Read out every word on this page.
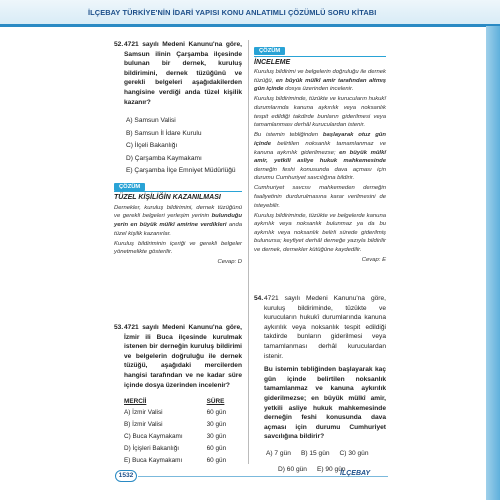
İLÇEBAY TÜRKİYE'NİN İDARİ YAPISI KONU ANLATIMLI ÇÖZÜMLÜ SORU KİTABI
52. 4721 sayılı Medeni Kanunu'na göre, Samsun ilinin Çarşamba ilçesinde bulunan bir dernek, kuruluş bildirimini, dernek tüzüğünü ve gerekli belgeleri aşağıdakilerden hangisine verdiği anda tüzel kişilik kazanır?
A) Samsun Valisi
B) Samsun İl İdare Kurulu
C) İlçeli Bakanlığı
D) Çarşamba Kaymakamı
E) Çarşamba İlçe Emniyet Müdürlüğü
ÇÖZÜM
TÜZEL KİŞİLİĞİN KAZANILMASI

Dernekler, kuruluş bildirimini, dernek tüzüğünü ve gerekli belgeleri yerleşim yerinin bulunduğu yerin en büyük mülkî amirine verdikleri anda tüzel kişilik kazanırlar.

Kuruluş bildiriminin içeriği ve gerekli belgeler yönetmelikte gösterilir.

Cevap: D
53. 4721 sayılı Medeni Kanunu'na göre, İzmir ili Buca ilçesinde kurulmak istenen bir derneğin kuruluş bildirimi ve belgelerin doğruluğu ile dernek tüzüğü, aşağıdaki mercilerden hangisi tarafından ve ne kadar süre içinde dosya üzerinden incelenir?
MERCİİ	SÜRE
A) İzmir Valisi	60 gün
B) İzmir Valisi	30 gün
C) Buca Kaymakamı	30 gün
D) İçişleri Bakanlığı	60 gün
E) Buca Kaymakamı	60 gün
ÇÖZÜM
İNCELEME

Kuruluş bildirimi ve belgelerin doğruluğu ile dernek tüzüğü, en büyük mülkî amir tarafından altmış gün içinde dosya üzerinden incelenir.

Kuruluş bildiriminde, tüzükte ve kurucuların hukukî durumlarında kanuna aykırılık veya noksanlık tespit edildiği takdirde bunların giderilmesi veya tamamlanması derhâl kuruculardan istenir.

Bu istemin tebliğinden başlayarak otuz gün içinde belirtilen noksanlık tamamlanmaz ve kanuna aykırılık giderilmezse; en büyük mülkî amir, yetkili asliye hukuk mahkemesinde derneğin feshi konusunda dava açması için durumu Cumhuriyet savcılığına bildirir.

Cumhuriyet savcısı mahkemeden derneğin faaliyetinin durdurulmasına karar verilmesini de isteyebilir.

Kuruluş bildiriminde, tüzükte ve belgelerde kanuna aykırılık veya noksanlık bulunmaz ya da bu aykırılık veya noksanlık belirli sürede giderilmiş bulunursa; keyfiyet derhâl derneğe yazıyla bildirilir ve dernek, dernekler kütüğüne kaydedilir.

Cevap: E
54. 4721 sayılı Medeni Kanunu'na göre, kuruluş bildiriminde, tüzükte ve kurucuların hukukî durumlarında kanuna aykırılık veya noksanlık tespit edildiği takdirde bunların giderilmesi veya tamamlanması derhâl kuruculardan istenir.
Bu istemin tebliğinden başlayarak kaç gün içinde belirtilen noksanlık tamamlanmaz ve kanuna aykırılık giderilmezse; en büyük mülkî amir, yetkili asliye hukuk mahkemesinde derneğin feshi konusunda dava açması için durumu Cumhuriyet savcılığına bildirir?
A) 7 gün B) 15 gün C) 30 gün
D) 60 gün E) 90 gün
1532	İLÇEBAY
